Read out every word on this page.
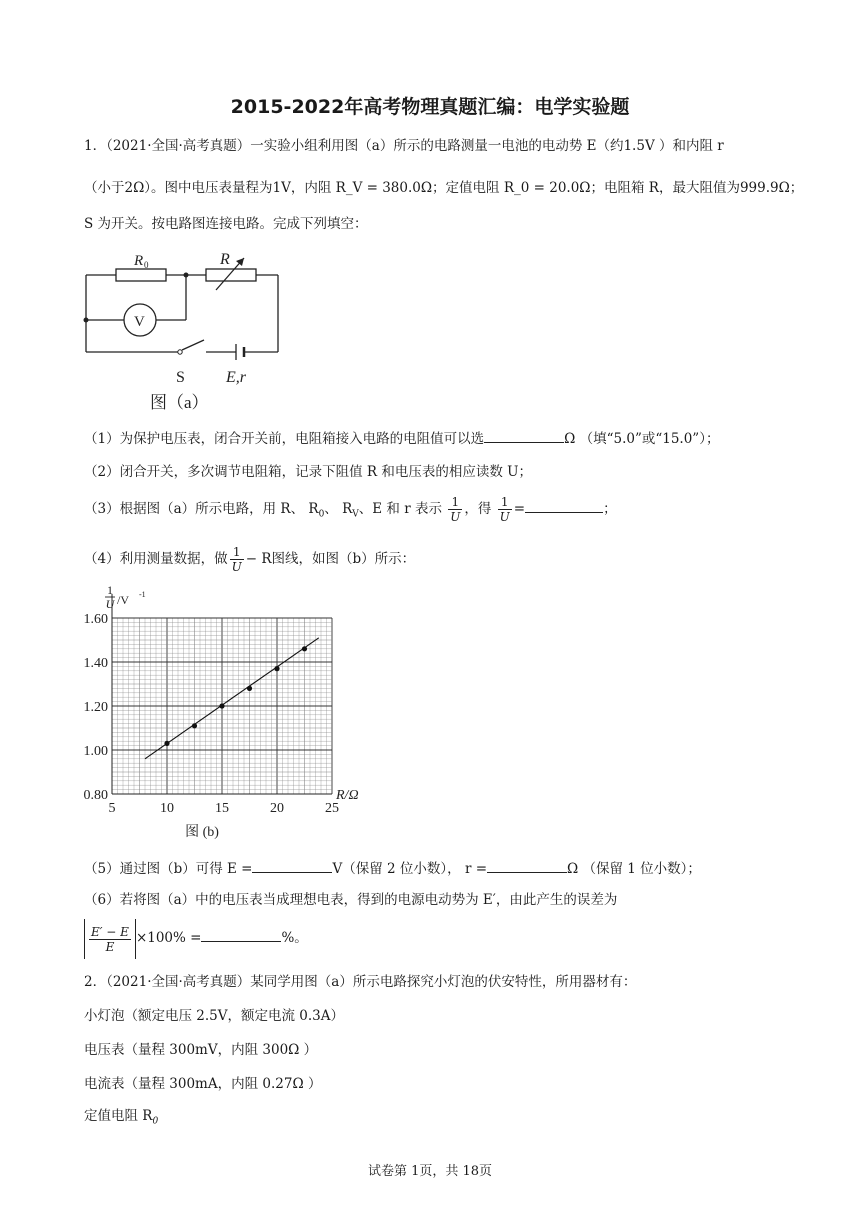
2015-2022年高考物理真题汇编：电学实验题
1．（2021·全国·高考真题）一实验小组利用图（a）所示的电路测量一电池的电动势 E（约1.5V ）和内阻 r
（小于2Ω）。图中电压表量程为1V，内阻 R_V = 380.0Ω；定值电阻 R_0 = 20.0Ω；电阻箱 R，最大阻值为999.9Ω；
S 为开关。按电路图连接电路。完成下列填空：
R 0	R
V
S	E,r
图（a）
（1）为保护电压表，闭合开关前，电阻箱接入电路的电阻值可以选	Ω （填“5.0”或“15.0”）；
（2）闭合开关，多次调节电阻箱，记录下阻值 R 和电压表的相应读数 U；
（3）根据图（a）所示电路，用 R、 $R_0$、 $R_V$、E 和 r 表示 $\frac{1}{U}$ ，得 $\frac{1}{U}$ =	；
（4）利用测量数据，做 $\frac{1}{U} - R$图线，如图（b）所示：
5	10	15	20	25
0.80
1.00
1.20
1.40
1.60
1
U /V -1
R/Ω
图 (b)
（5）通过图（b）可得 E =	V（保留 2 位小数）， r =	Ω （保留 1 位小数）；
（6）若将图（a）中的电压表当成理想电表，得到的电源电动势为 E′，由此产生的误差为
$\frac{E' - E}{E} \times 100\%$ =	%。
2．（2021·全国·高考真题）某同学用图（a）所示电路探究小灯泡的伏安特性，所用器材有：
小灯泡（额定电压 2.5V，额定电流 0.3A）
电压表（量程 300mV，内阻 300Ω ）
电流表（量程 300mA，内阻 0.27Ω ）
定值电阻 $R_0$
试卷第 1页，共 18页
